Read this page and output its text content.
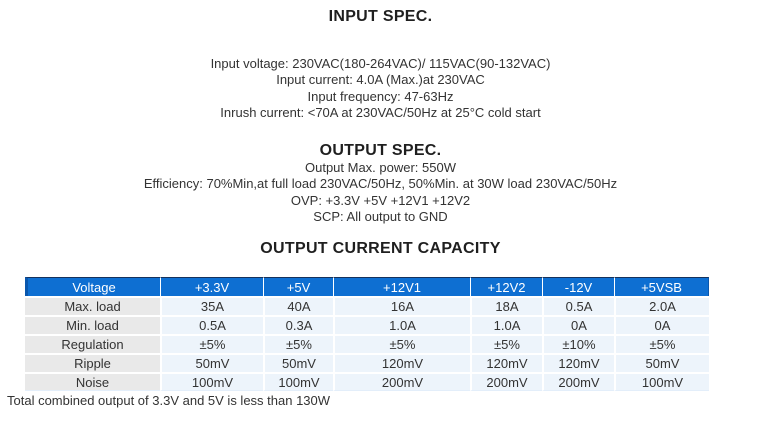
INPUT SPEC.
Input voltage: 230VAC(180-264VAC)/ 115VAC(90-132VAC)
Input current: 4.0A (Max.)at 230VAC
Input frequency: 47-63Hz
Inrush current: <70A at 230VAC/50Hz at 25°C cold start
OUTPUT SPEC.
Output Max. power: 550W
Efficiency: 70%Min,at full load 230VAC/50Hz, 50%Min. at 30W load 230VAC/50Hz
OVP: +3.3V +5V +12V1 +12V2
SCP: All output to GND
OUTPUT CURRENT CAPACITY
Voltage	+3.3V	+5V	+12V1	+12V2	-12V	+5VSB
Max. load	35A	40A	16A	18A	0.5A	2.0A
Min. load	0.5A	0.3A	1.0A	1.0A	0A	0A
Regulation	±5%	±5%	±5%	±5%	±10%	±5%
Ripple	50mV	50mV	120mV	120mV	120mV	50mV
Noise	100mV	100mV	200mV	200mV	200mV	100mV
Total combined output of 3.3V and 5V is less than 130W
